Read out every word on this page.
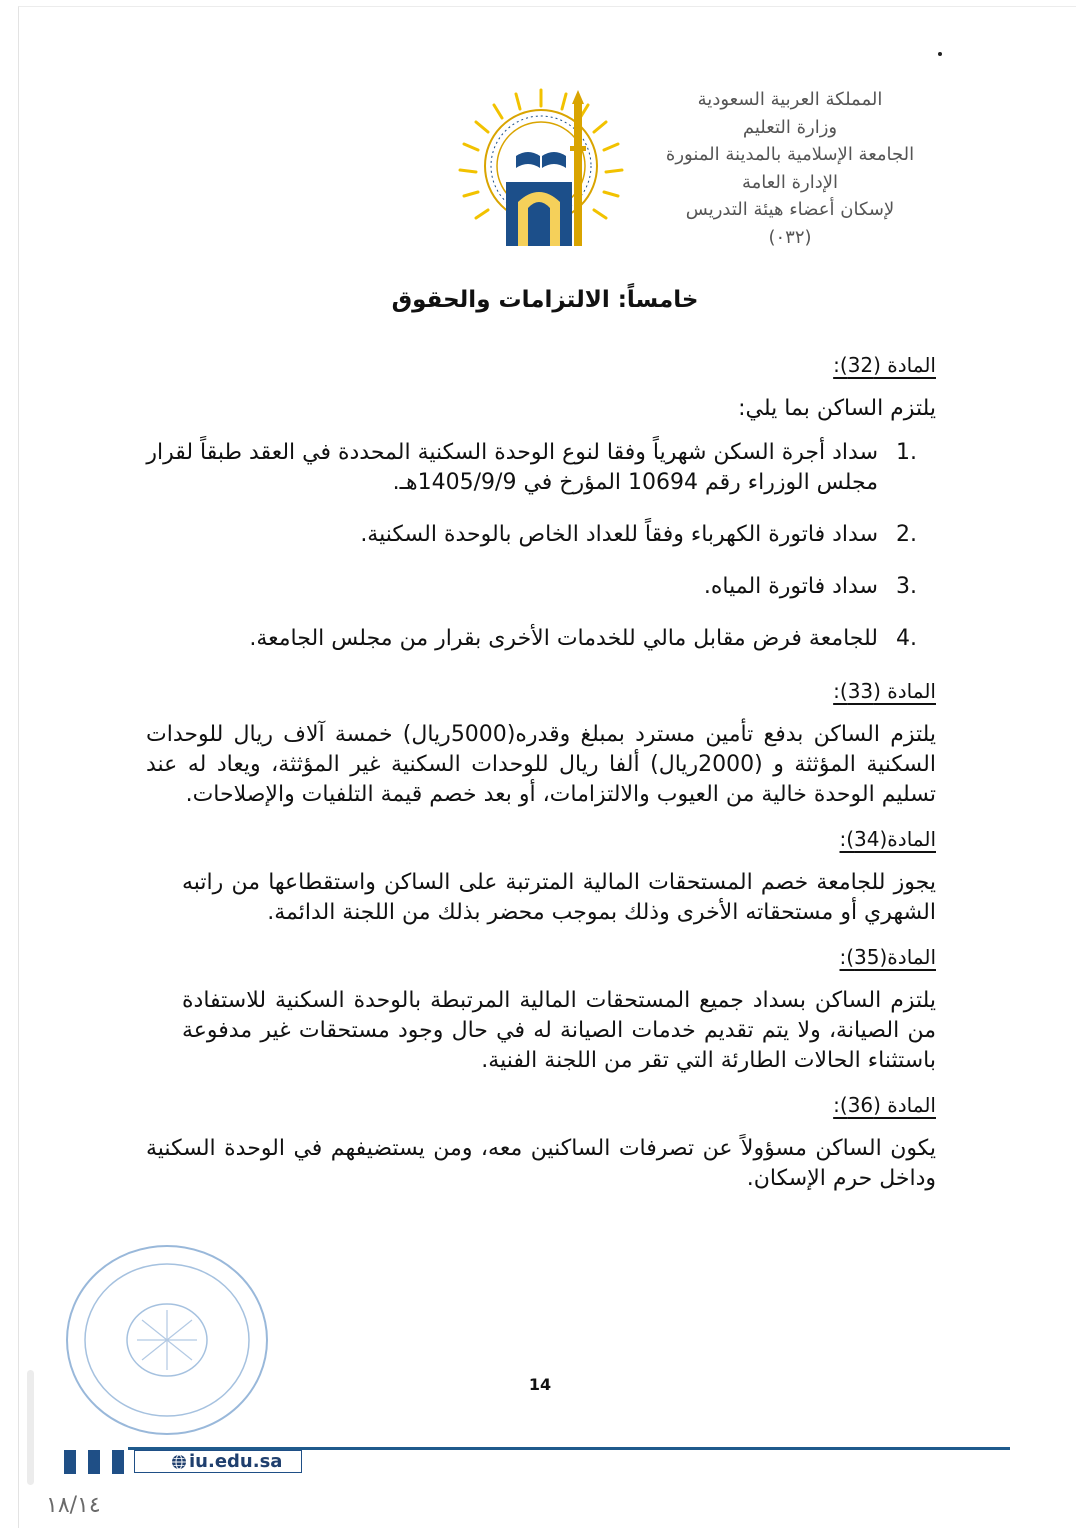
المملكة العربية السعودية
وزارة التعليم
الجامعة الإسلامية بالمدينة المنورة
الإدارة العامة
لإسكان أعضاء هيئة التدريس
(٠٣٢)
خامساً: الالتزامات والحقوق
المادة (32):
يلتزم الساكن بما يلي:
1.
سداد أجرة السكن شهرياً وفقا لنوع الوحدة السكنية المحددة في العقد طبقاً لقرار مجلس الوزراء رقم 10694 المؤرخ في 1405/9/9هـ.
2.
سداد فاتورة الكهرباء وفقاً للعداد الخاص بالوحدة السكنية.
3.
سداد فاتورة المياه.
4.
للجامعة فرض مقابل مالي للخدمات الأخرى بقرار من مجلس الجامعة.
المادة (33):
يلتزم الساكن بدفع تأمين مسترد بمبلغ وقدره(5000ريال) خمسة آلاف ريال للوحدات السكنية المؤثثة و (2000ريال) ألفا ريال للوحدات السكنية غير المؤثثة، ويعاد له عند تسليم الوحدة خالية من العيوب والالتزامات، أو بعد خصم قيمة التلفيات والإصلاحات.
المادة(34):
يجوز للجامعة خصم المستحقات المالية المترتبة على الساكن واستقطاعها من راتبه الشهري أو مستحقاته الأخرى وذلك بموجب محضر بذلك من اللجنة الدائمة.
المادة(35):
يلتزم الساكن بسداد جميع المستحقات المالية المرتبطة بالوحدة السكنية للاستفادة من الصيانة، ولا يتم تقديم خدمات الصيانة له في حال وجود مستحقات غير مدفوعة باستثناء الحالات الطارئة التي تقر من اللجنة الفنية.
المادة (36):
يكون الساكن مسؤولاً عن تصرفات الساكنين معه، ومن يستضيفهم في الوحدة السكنية وداخل حرم الإسكان.
14
iu.edu.sa
١٨/١٤
